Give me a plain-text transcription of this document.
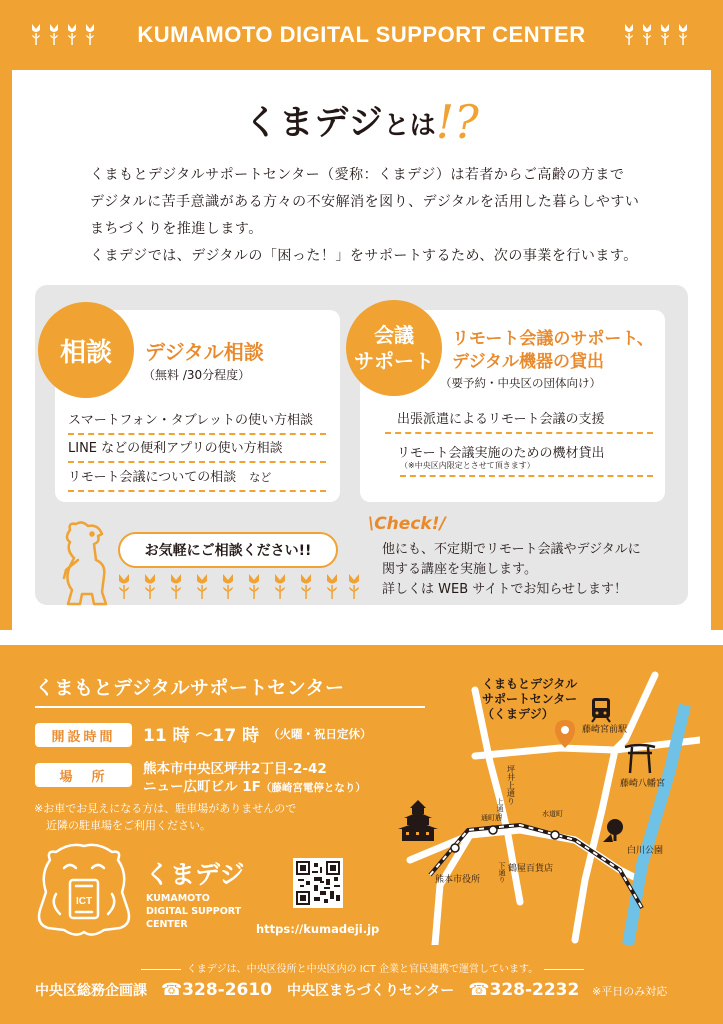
KUMAMOTO DIGITAL SUPPORT CENTER
くまデジとは!?
くまもとデジタルサポートセンター（愛称：くまデジ）は若者からご高齢の方まで
デジタルに苦手意識がある方々の不安解消を図り、デジタルを活用した暮らしやすい
まちづくりを推進します。
くまデジでは、デジタルの「困った！」をサポートするため、次の事業を行います。
相談	デジタル相談
（無料 /30分程度）
スマートフォン・タブレットの使い方相談
LINE などの便利アプリの使い方相談
リモート会議についての相談　 など
会議
サポート
リモート会議のサポート、
デジタル機器の貸出
（要予約・中央区の団体向け）
出張派遣によるリモート会議の支援
リモート会議実施のための機材貸出
（※中央区内限定とさせて頂きます）
お気軽にご相談ください!!
\Check!/
他にも、不定期でリモート会議やデジタルに
関する講座を実施します。
詳しくは WEB サイトでお知らせします！
くまもとデジタルサポートセンター
開設時間	11 時 ～17 時 （火曜・祝日定休）
場　所	熊本市中央区坪井2丁目-2-42
ニュー広町ビル 1F（藤崎宮電停となり）
※お車でお見えになる方は、駐車場がありませんので
近隣の駐車場をご利用ください。
ICT
くまデジ
KUMAMOTO
DIGITAL SUPPORT
CENTER	https://kumadeji.jp
くまもとデジタル
サポートセンター
（くまデジ）
藤崎宮前駅
藤崎八幡宮
白川公園
熊本市役所
鶴屋百貨店
通町筋	水道町
坪井上通り
上通り
下通り
くまデジは、中央区役所と中央区内の ICT 企業と官民連携で運営しています。
中央区総務企画課　 ☎328-2610 中央区まちづくりセンター　 ☎328-2232 ※平日のみ対応
